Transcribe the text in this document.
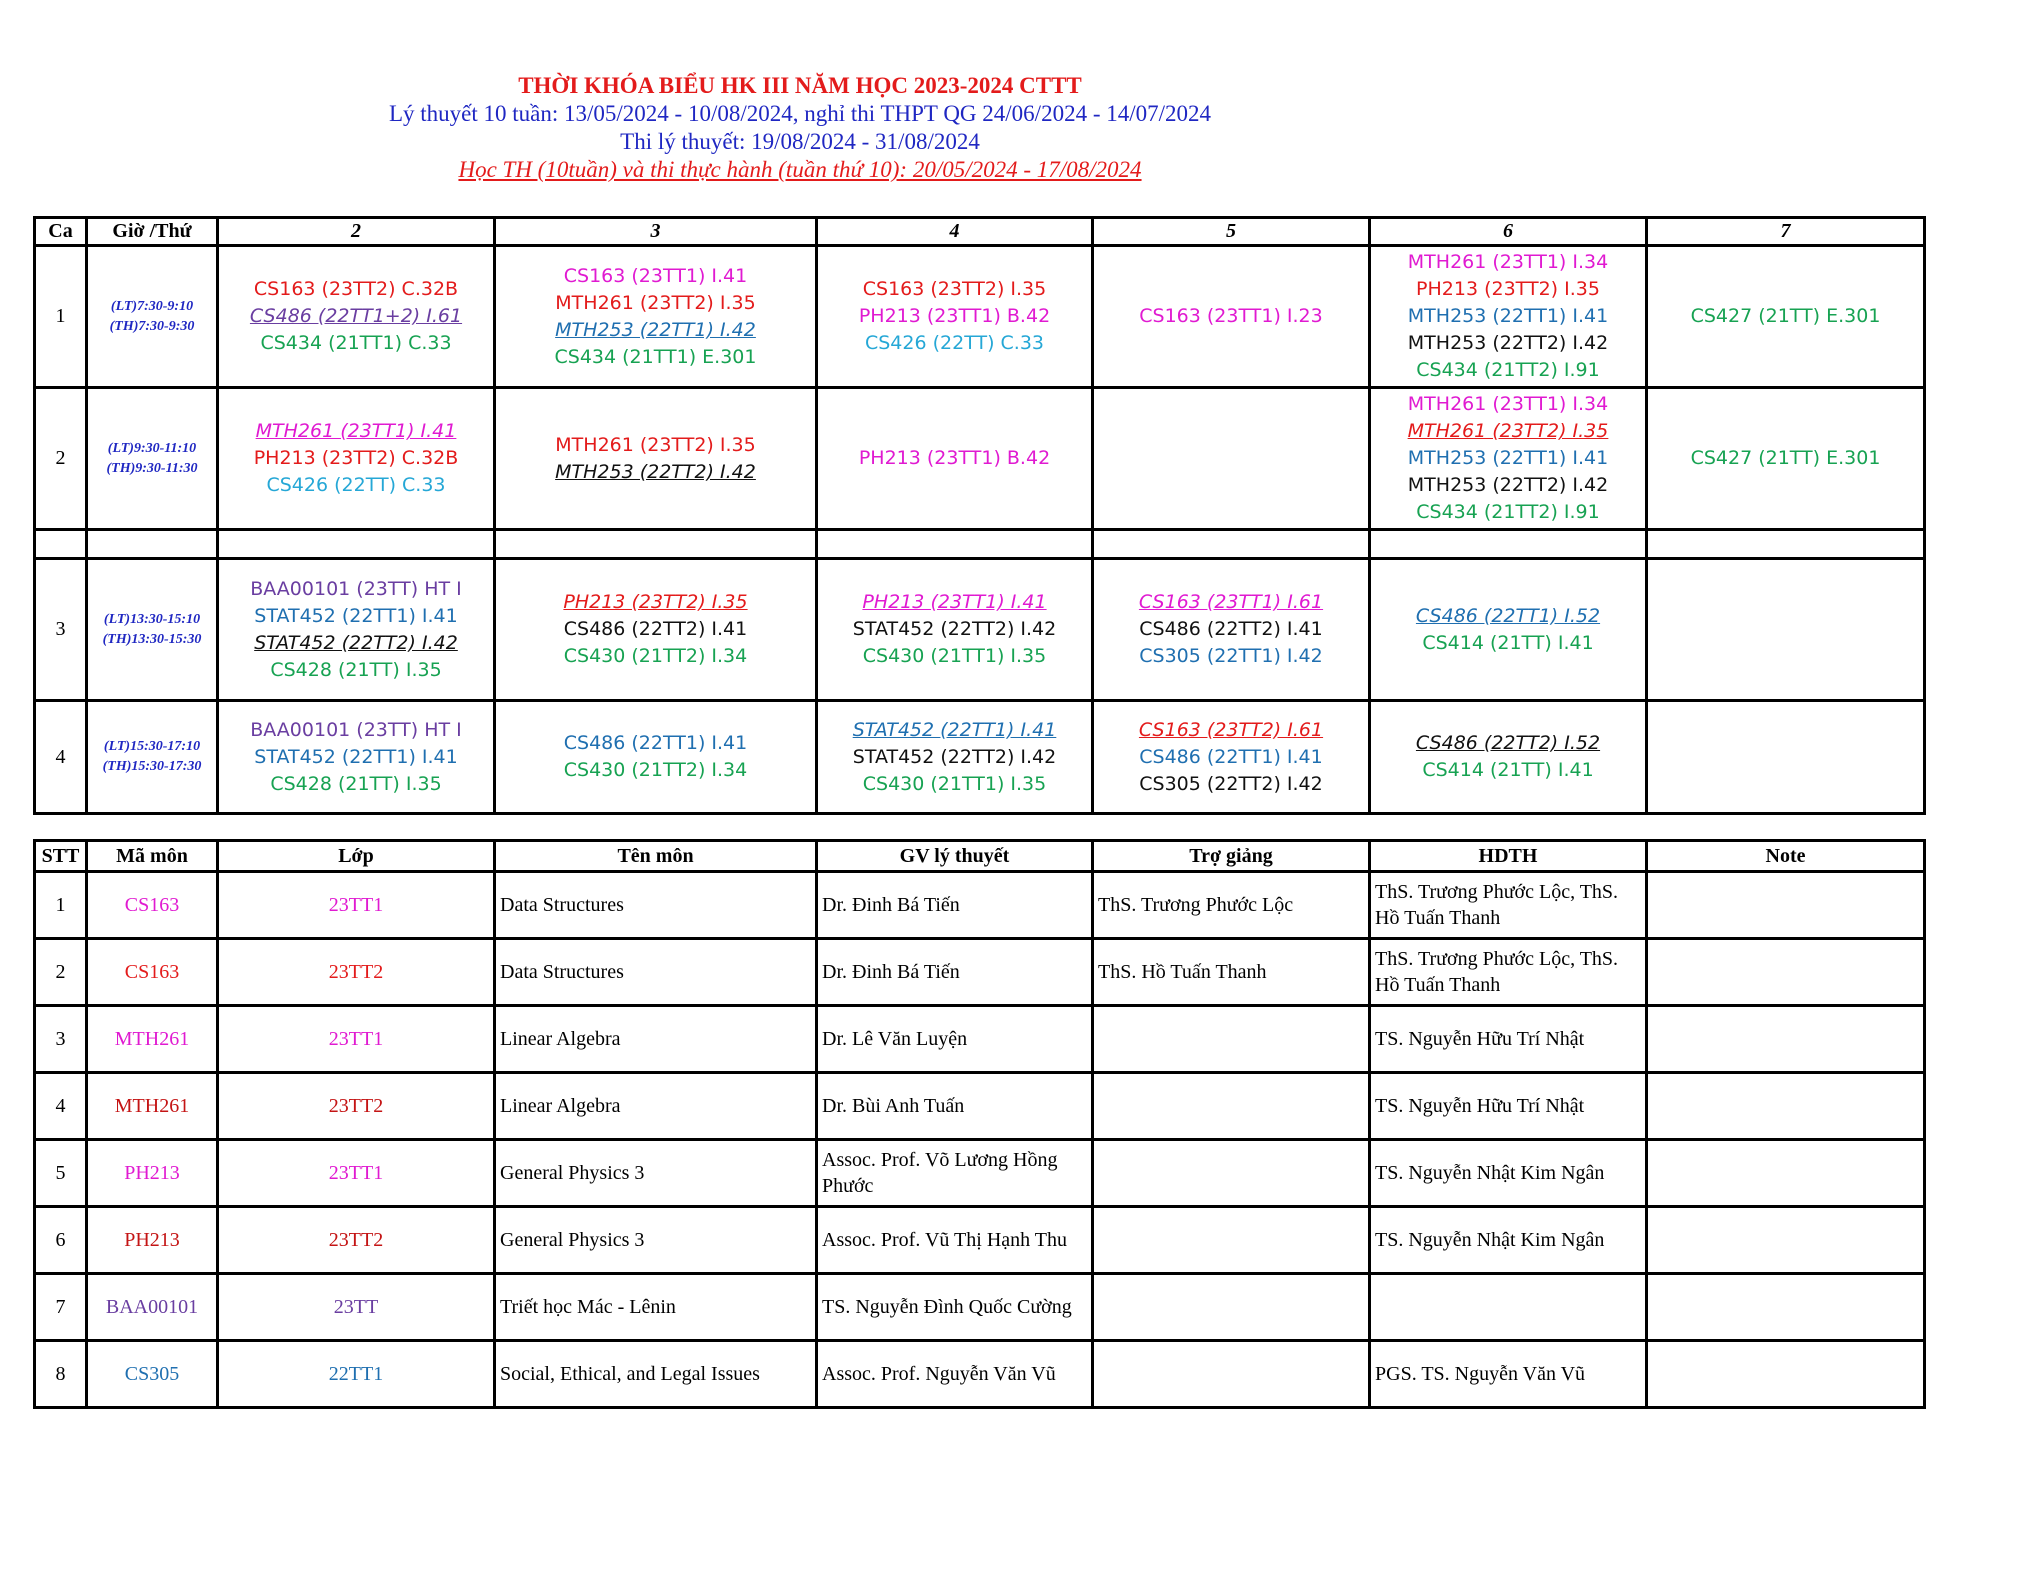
THỜI KHÓA BIỂU HK III NĂM HỌC 2023-2024 CTTT
Lý thuyết 10 tuần: 13/05/2024 - 10/08/2024, nghỉ thi THPT QG 24/06/2024 - 14/07/2024
Thi lý thuyết: 19/08/2024 - 31/08/2024
Học TH (10tuần) và thi thực hành (tuần thứ 10): 20/05/2024 - 17/08/2024
Ca	Giờ /Thứ	2	3	4	5	6	7
1	(LT)7:30-9:10
(TH)7:30-9:30	CS163 (23TT2) C.32B
CS486 (22TT1+2) I.61
CS434 (21TT1) C.33	CS163 (23TT1) I.41
MTH261 (23TT2) I.35
MTH253 (22TT1) I.42
CS434 (21TT1) E.301	CS163 (23TT2) I.35
PH213 (23TT1) B.42
CS426 (22TT) C.33	CS163 (23TT1) I.23	MTH261 (23TT1) I.34
PH213 (23TT2) I.35
MTH253 (22TT1) I.41
MTH253 (22TT2) I.42
CS434 (21TT2) I.91	CS427 (21TT) E.301

2	(LT)9:30-11:10
(TH)9:30-11:30	MTH261 (23TT1) I.41
PH213 (23TT2) C.32B
CS426 (22TT) C.33	MTH261 (23TT2) I.35
MTH253 (22TT2) I.42	PH213 (23TT1) B.42		MTH261 (23TT1) I.34
MTH261 (23TT2) I.35
MTH253 (22TT1) I.41
MTH253 (22TT2) I.42
CS434 (21TT2) I.91	CS427 (21TT) E.301

3	(LT)13:30-15:10
(TH)13:30-15:30	BAA00101 (23TT) HT I
STAT452 (22TT1) I.41
STAT452 (22TT2) I.42
CS428 (21TT) I.35	PH213 (23TT2) I.35
CS486 (22TT2) I.41
CS430 (21TT2) I.34	PH213 (23TT1) I.41
STAT452 (22TT2) I.42
CS430 (21TT1) I.35	CS163 (23TT1) I.61
CS486 (22TT2) I.41
CS305 (22TT1) I.42	CS486 (22TT1) I.52
CS414 (21TT) I.41	

4	(LT)15:30-17:10
(TH)15:30-17:30	BAA00101 (23TT) HT I
STAT452 (22TT1) I.41
CS428 (21TT) I.35	CS486 (22TT1) I.41
CS430 (21TT2) I.34	STAT452 (22TT1) I.41
STAT452 (22TT2) I.42
CS430 (21TT1) I.35	CS163 (23TT2) I.61
CS486 (22TT1) I.41
CS305 (22TT2) I.42	CS486 (22TT2) I.52
CS414 (21TT) I.41	

STT	Mã môn	Lớp	Tên môn	GV lý thuyết	Trợ giảng	HDTH	Note
1	CS163	23TT1	Data Structures	Dr. Đinh Bá Tiến	ThS. Trương Phước Lộc	ThS. Trương Phước Lộc, ThS. Hồ Tuấn Thanh	
2	CS163	23TT2	Data Structures	Dr. Đinh Bá Tiến	ThS. Hồ Tuấn Thanh	ThS. Trương Phước Lộc, ThS. Hồ Tuấn Thanh	
3	MTH261	23TT1	Linear Algebra	Dr. Lê Văn Luyện		TS. Nguyễn Hữu Trí Nhật	
4	MTH261	23TT2	Linear Algebra	Dr. Bùi Anh Tuấn		TS. Nguyễn Hữu Trí Nhật	
5	PH213	23TT1	General Physics 3	Assoc. Prof. Võ Lương Hồng Phước		TS. Nguyễn Nhật Kim Ngân	
6	PH213	23TT2	General Physics 3	Assoc. Prof. Vũ Thị Hạnh Thu		TS. Nguyễn Nhật Kim Ngân	
7	BAA00101	23TT	Triết học Mác - Lênin	TS. Nguyễn Đình Quốc Cường			
8	CS305	22TT1	Social, Ethical, and Legal Issues	Assoc. Prof. Nguyễn Văn Vũ		PGS. TS. Nguyễn Văn Vũ	
